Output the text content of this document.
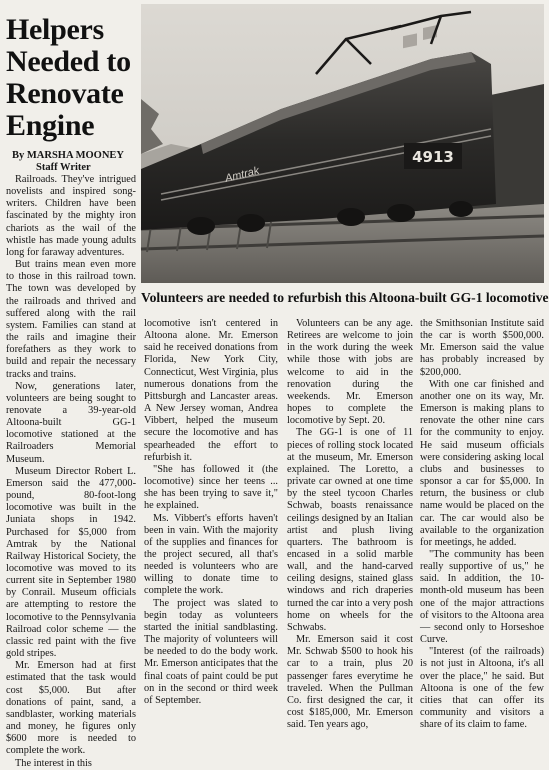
Helpers
Needed to
Renovate
Engine
4913
Amtrak
Volunteers are needed to refurbish this Altoona-built GG-1 locomotive

By MARSHA MOONEY

Staff Writer

Railroads. They've intrigued novelists and inspired song-writers. Children have been fascinated by the mighty iron chariots as the wail of the whistle has made young adults long for faraway adventures.

But trains mean even more to those in this railroad town. The town was developed by the railroads and thrived and suffered along with the rail system. Families can stand at the rails and imagine their forefathers as they work to build and repair the necessary tracks and trains.

Now, generations later, volunteers are being sought to renovate a 39-year-old Altoona-built GG-1 locomotive stationed at the Railroaders Memorial Museum.

Museum Director Robert L. Emerson said the 477,000-pound, 80-foot-long locomotive was built in the Juniata shops in 1942. Purchased for $5,000 from Amtrak by the National Railway Historical Society, the locomotive was moved to its current site in September 1980 by Conrail. Museum officials are attempting to restore the locomotive to the Pennsylvania Railroad color scheme — the classic red paint with the five gold stripes.

Mr. Emerson had at first estimated that the task would cost $5,000. But after donations of paint, sand, a sandblaster, working materials and money, he figures only $600 more is needed to complete the work.

The interest in this

locomotive isn't centered in Altoona alone. Mr. Emerson said he received donations from Florida, New York City, Connecticut, West Virginia, plus numerous donations from the Pittsburgh and Lancaster areas. A New Jersey woman, Andrea Vibbert, helped the museum secure the locomotive and has spearheaded the effort to refurbish it.

"She has followed it (the locomotive) since her teens ... she has been trying to save it," he explained.

Ms. Vibbert's efforts haven't been in vain. With the majority of the supplies and finances for the project secured, all that's needed is volunteers who are willing to donate time to complete the work.

The project was slated to begin today as volunteers started the initial sandblasting. The majority of volunteers will be needed to do the body work. Mr. Emerson anticipates that the final coats of paint could be put on in the second or third week of September.

Volunteers can be any age. Retirees are welcome to join in the work during the week while those with jobs are welcome to aid in the renovation during the weekends. Mr. Emerson hopes to complete the locomotive by Sept. 20.

The GG-1 is one of 11 pieces of rolling stock located at the museum, Mr. Emerson explained. The Loretto, a private car owned at one time by the steel tycoon Charles Schwab, boasts renaissance ceilings designed by an Italian artist and plush living quarters. The bathroom is encased in a solid marble wall, and the hand-carved ceiling designs, stained glass windows and rich draperies turned the car into a very posh home on wheels for the Schwabs.

Mr. Emerson said it cost Mr. Schwab $500 to hook his car to a train, plus 20 passenger fares everytime he traveled. When the Pullman Co. first designed the car, it cost $185,000, Mr. Emerson said. Ten years ago,

the Smithsonian Institute said the car is worth $500,000. Mr. Emerson said the value has probably increased by $200,000.

With one car finished and another one on its way, Mr. Emerson is making plans to renovate the other nine cars for the community to enjoy. He said museum officials were considering asking local clubs and businesses to sponsor a car for $5,000. In return, the business or club name would be placed on the car. The car would also be available to the organization for meetings, he added.

"The community has been really supportive of us," he said. In addition, the 10-month-old museum has been one of the major attractions of visitors to the Altoona area — second only to Horseshoe Curve.

"Interest (of the railroads) is not just in Altoona, it's all over the place," he said. But Altoona is one of the few cities that can offer its community and visitors a share of its claim to fame.
